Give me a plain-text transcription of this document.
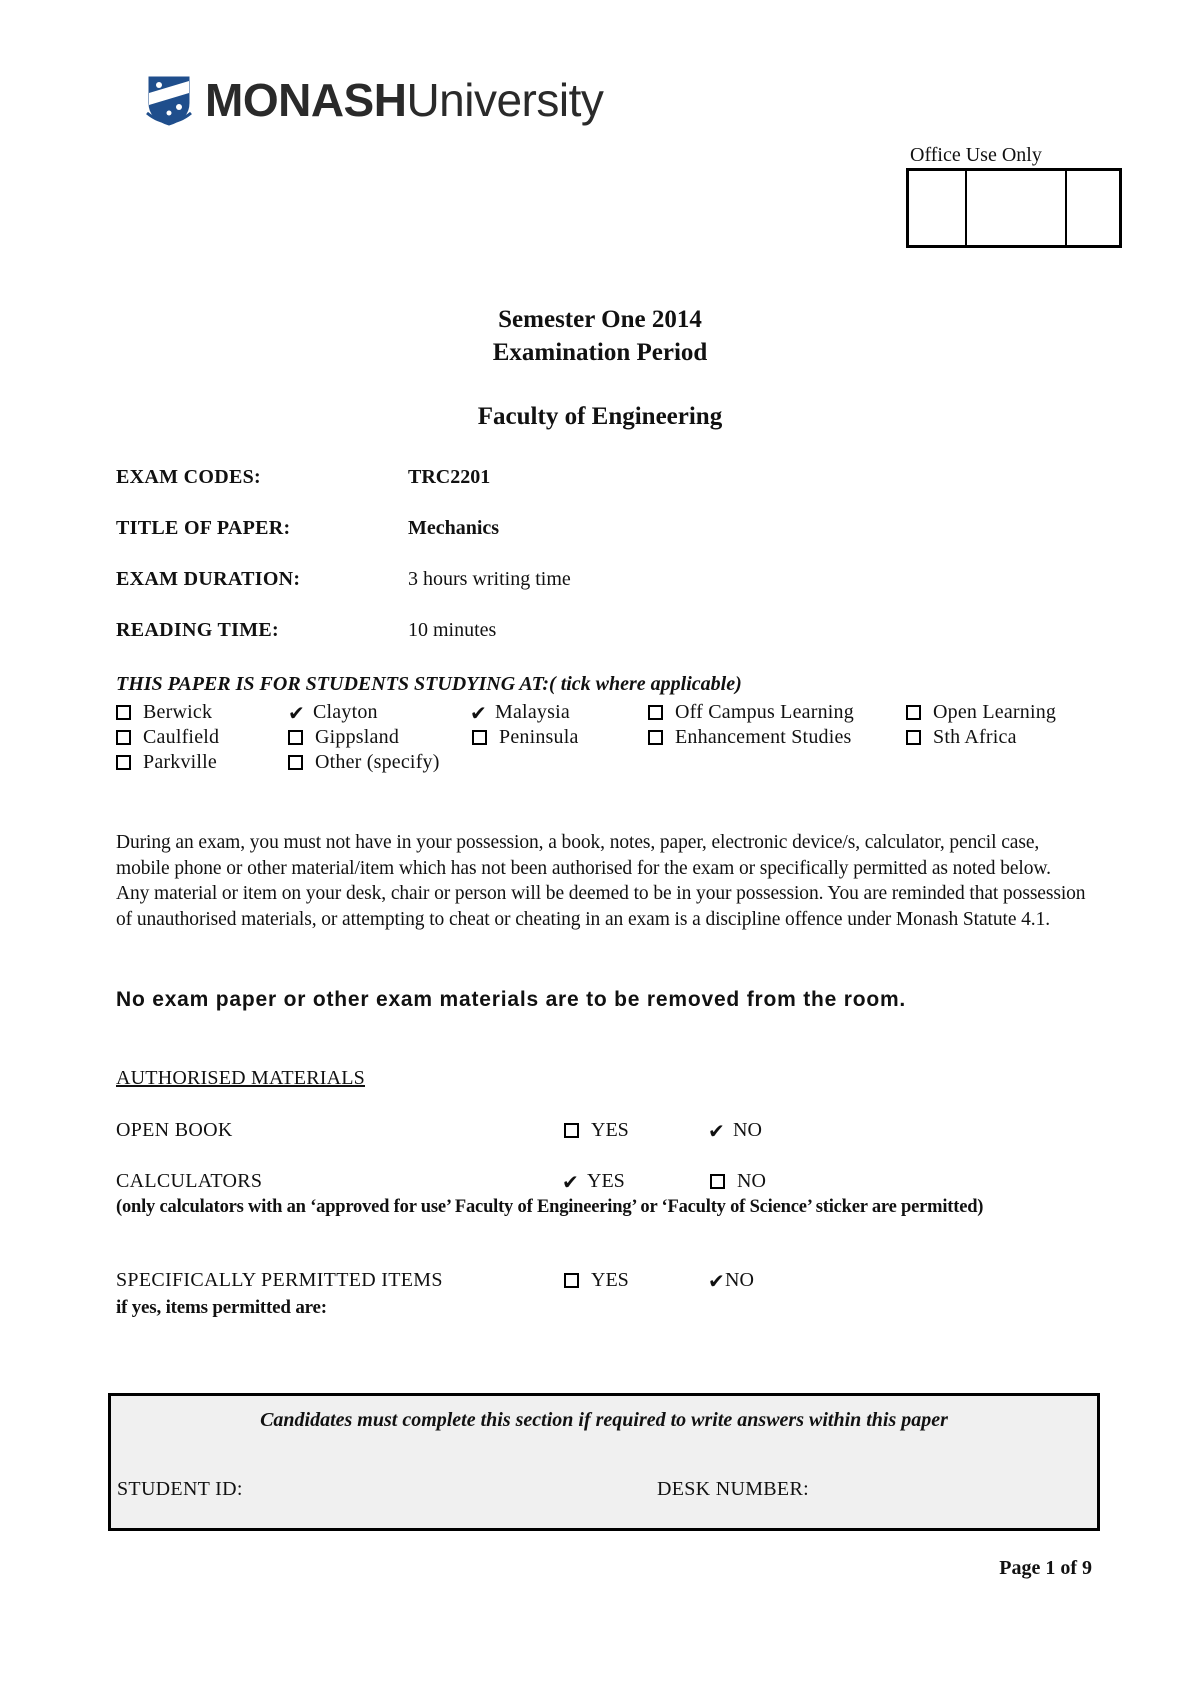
MONASHUniversity
Office Use Only
Semester One 2014
Examination Period
Faculty of Engineering
EXAM CODES:	TRC2201
TITLE OF PAPER:	Mechanics
EXAM DURATION:	3 hours writing time
READING TIME:	10 minutes
THIS PAPER IS FOR STUDENTS STUDYING AT:( tick where applicable)
Berwick	✔ Clayton	✔ Malaysia	Off Campus Learning	Open Learning
Caulfield	Gippsland	Peninsula	Enhancement Studies	Sth Africa
Parkville	Other (specify)
During an exam, you must not have in your possession, a book, notes, paper, electronic device/s, calculator, pencil case, mobile phone or other material/item which has not been authorised for the exam or specifically permitted as noted below. Any material or item on your desk, chair or person will be deemed to be in your possession. You are reminded that possession of unauthorised materials, or attempting to cheat or cheating in an exam is a discipline offence under Monash Statute 4.1.
No exam paper or other exam materials are to be removed from the room.
AUTHORISED MATERIALS
OPEN BOOK	YES	✔ NO
CALCULATORS	✔ YES	NO
(only calculators with an ‘approved for use’ Faculty of Engineering’ or ‘Faculty of Science’ sticker are permitted)
SPECIFICALLY PERMITTED ITEMS	YES	✔ NO
if yes, items permitted are:
Candidates must complete this section if required to write answers within this paper
STUDENT ID:	DESK NUMBER:
Page 1 of 9
